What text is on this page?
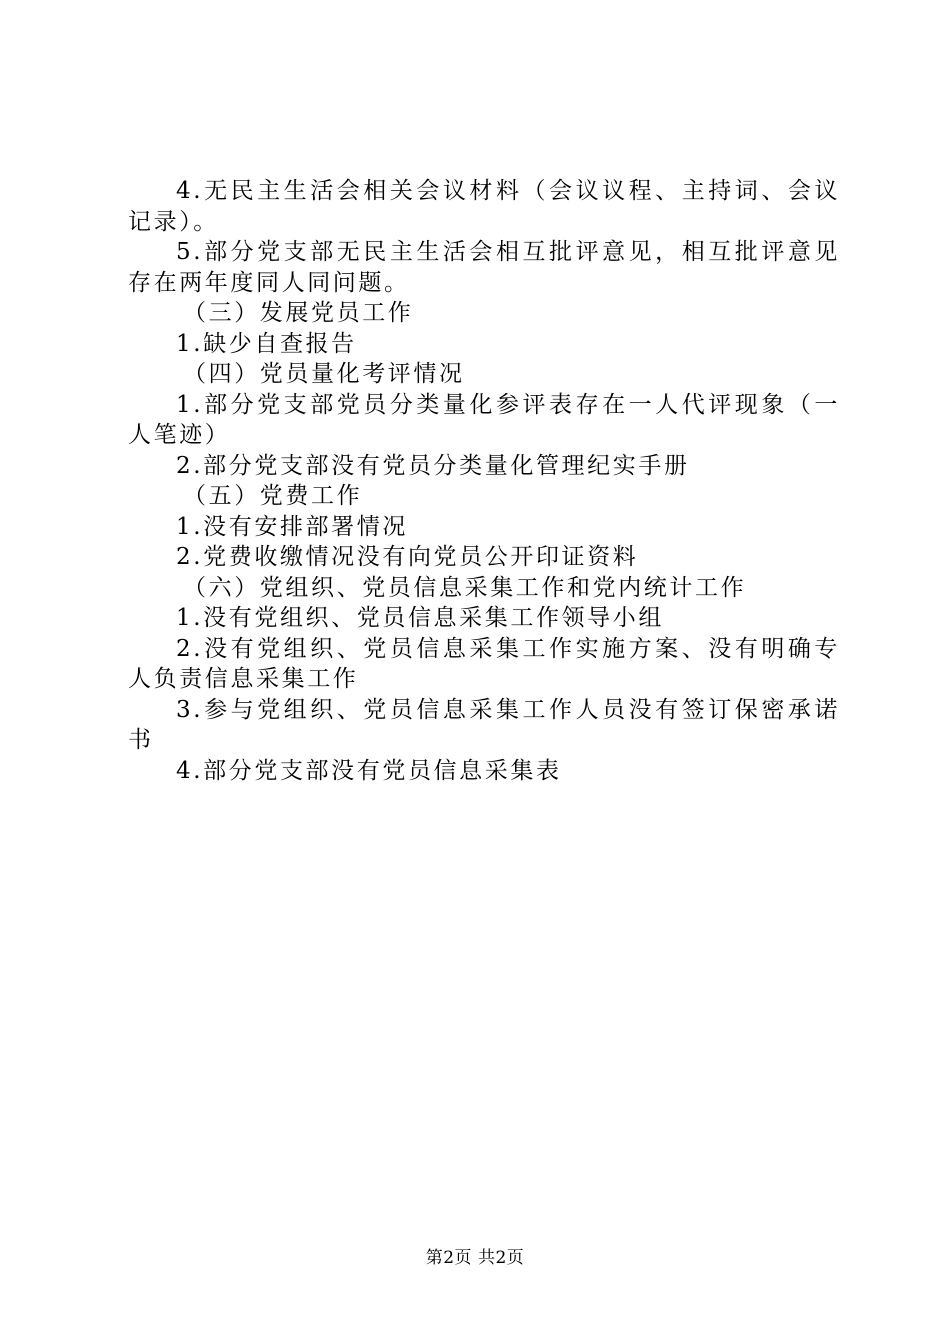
4.无民主生活会相关会议材料（会议议程、主持词、会议记录）。

5.部分党支部无民主生活会相互批评意见，相互批评意见存在两年度同人同问题。

（三）发展党员工作

1.缺少自查报告

（四）党员量化考评情况

1.部分党支部党员分类量化参评表存在一人代评现象（一人笔迹）

2.部分党支部没有党员分类量化管理纪实手册

（五）党费工作

1.没有安排部署情况

2.党费收缴情况没有向党员公开印证资料

（六）党组织、党员信息采集工作和党内统计工作

1.没有党组织、党员信息采集工作领导小组

2.没有党组织、党员信息采集工作实施方案、没有明确专人负责信息采集工作

3.参与党组织、党员信息采集工作人员没有签订保密承诺书

4.部分党支部没有党员信息采集表

第2页 共2页
